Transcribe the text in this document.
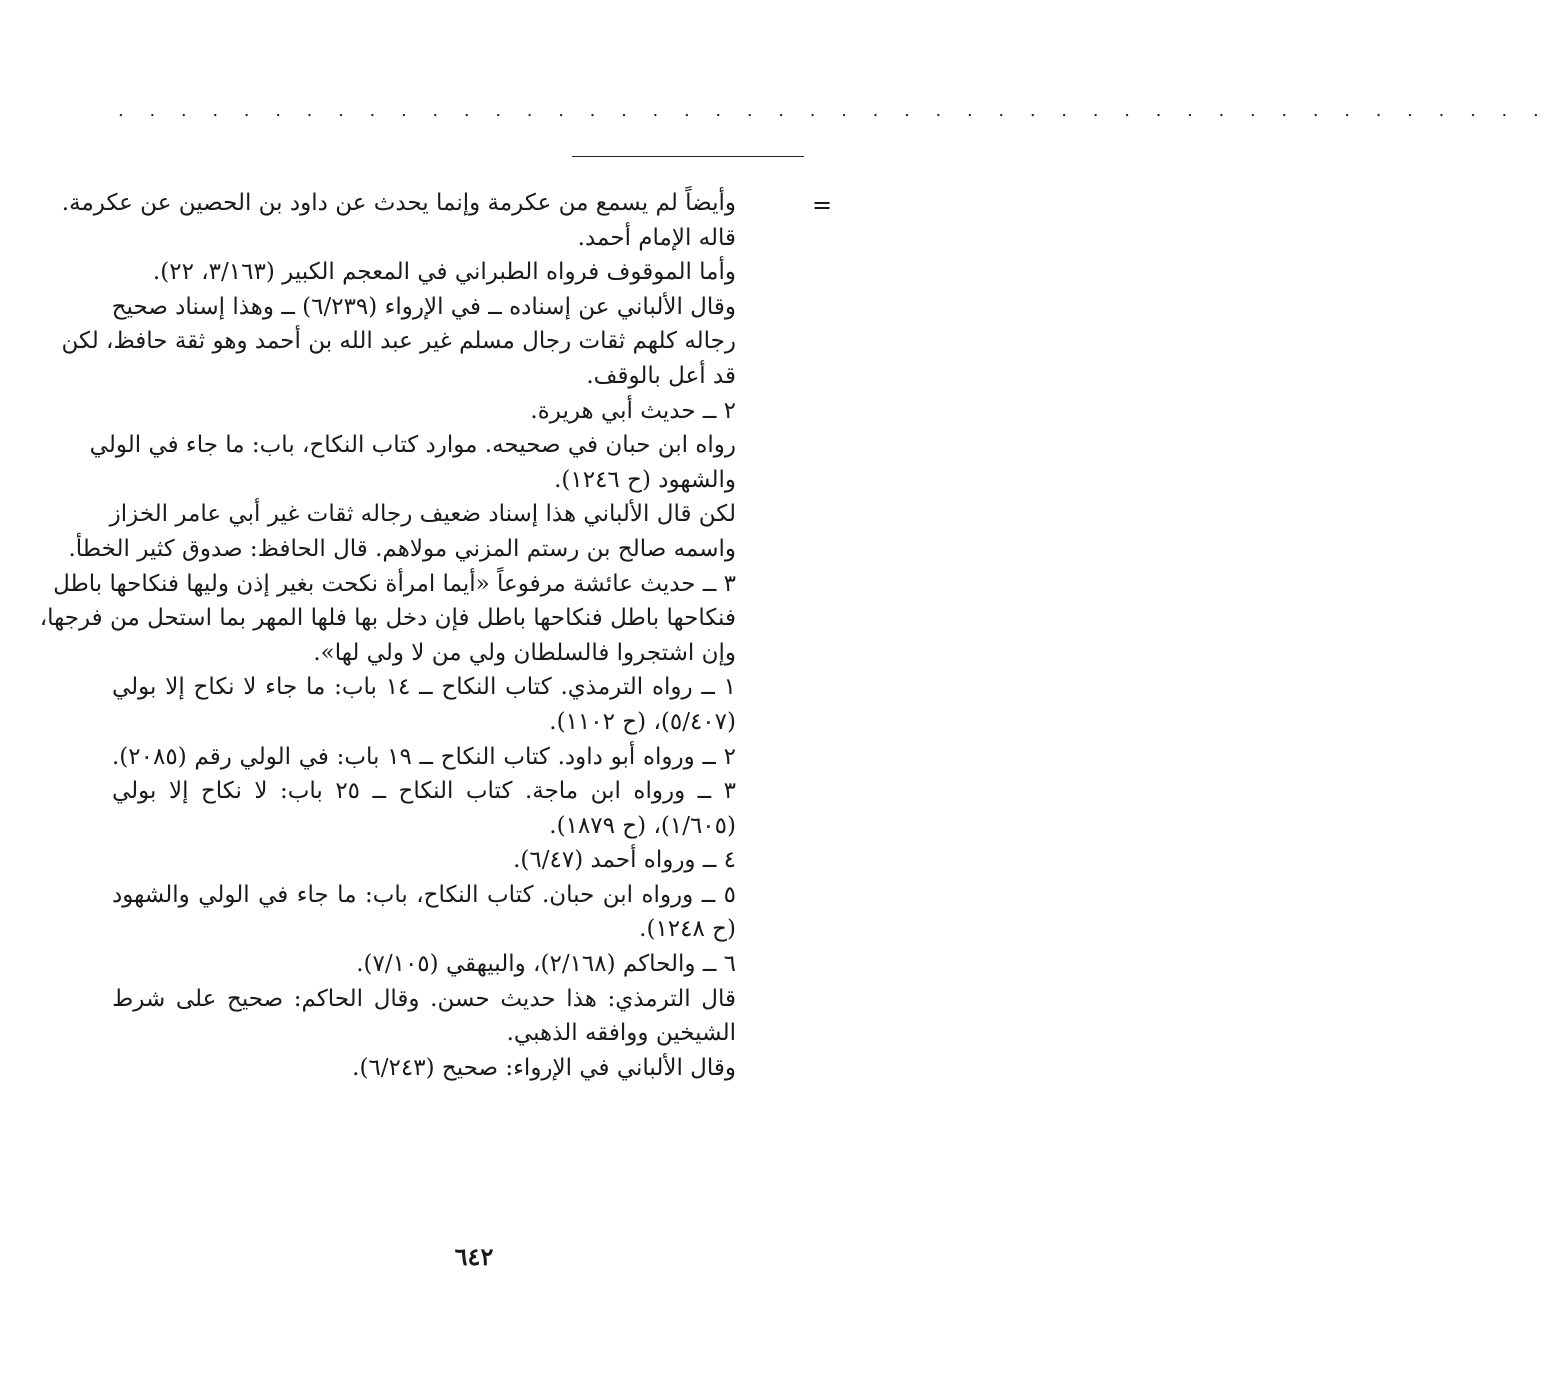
. . . . . . . . . . . . . . . . . . . . . . . . . . . . . . . . . . . . . . . . . . . . . .
=
وأيضاً لم يسمع من عكرمة وإنما يحدث عن داود بن الحصين عن عكرمة.
قاله الإمام أحمد.
وأما الموقوف فرواه الطبراني في المعجم الكبير (٣/١٦٣، ٢٢).
وقال الألباني عن إسناده ــ في الإرواء (٦/٢٣٩) ــ وهذا إسناد صحيح
رجاله كلهم ثقات رجال مسلم غير عبد الله بن أحمد وهو ثقة حافظ، لكن
قد أعل بالوقف.
٢ ــ حديث أبي هريرة.
رواه ابن حبان في صحيحه. موارد كتاب النكاح، باب: ما جاء في الولي
والشهود (ح ١٢٤٦).
لكن قال الألباني هذا إسناد ضعيف رجاله ثقات غير أبي عامر الخزاز
واسمه صالح بن رستم المزني مولاهم. قال الحافظ: صدوق كثير الخطأ.
٣ ــ حديث عائشة مرفوعاً «أيما امرأة نكحت بغير إذن وليها فنكاحها باطل
فنكاحها باطل فنكاحها باطل فإن دخل بها فلها المهر بما استحل من فرجها،
وإن اشتجروا فالسلطان ولي من لا ولي لها».
١ ــ رواه الترمذي. كتاب النكاح ــ ١٤ باب: ما جاء لا نكاح إلا بولي
(٥/٤٠٧)، (ح ١١٠٢).
٢ ــ ورواه أبو داود. كتاب النكاح ــ ١٩ باب: في الولي رقم (٢٠٨٥).
٣ ــ ورواه ابن ماجة. كتاب النكاح ــ ٢٥ باب: لا نكاح إلا بولي
(١/٦٠٥)، (ح ١٨٧٩).
٤ ــ ورواه أحمد (٦/٤٧).
٥ ــ ورواه ابن حبان. كتاب النكاح، باب: ما جاء في الولي والشهود
(ح ١٢٤٨).
٦ ــ والحاكم (٢/١٦٨)، والبيهقي (٧/١٠٥).
قال الترمذي: هذا حديث حسن. وقال الحاكم: صحيح على شرط
الشيخين ووافقه الذهبي.
وقال الألباني في الإرواء: صحيح (٦/٢٤٣).
٦٤٢
